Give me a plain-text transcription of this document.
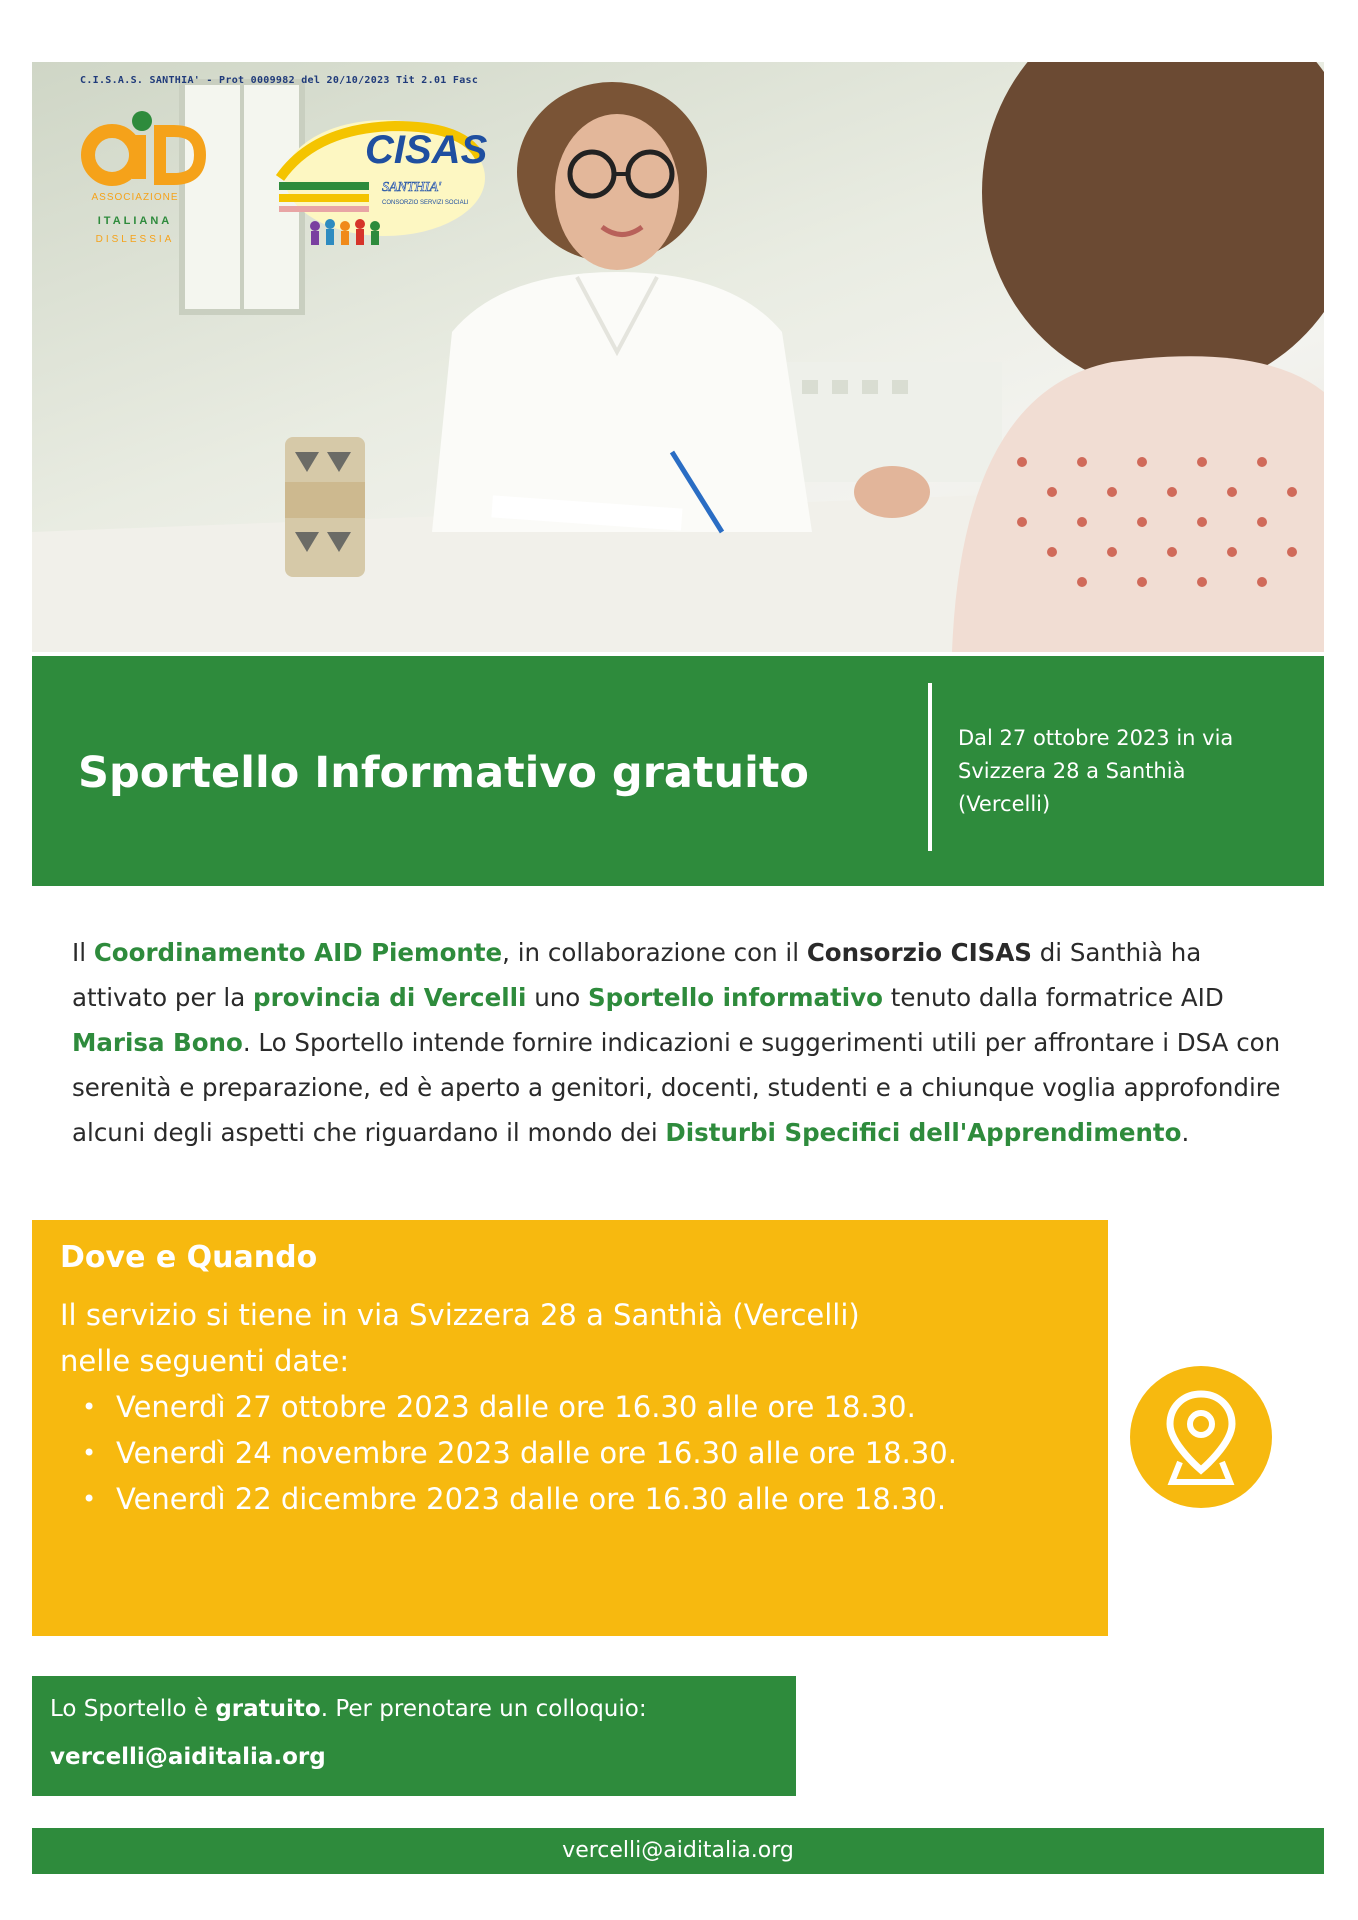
C.I.S.A.S. SANTHIA' - Prot 0009982 del 20/10/2023 Tit 2.01 Fasc
ASSOCIAZIONE
ITALIANA
DISLESSIA
CISAS
SANTHIA'
CONSORZIO SERVIZI SOCIALI
Sportello Informativo gratuito
Dal 27 ottobre 2023 in via
Svizzera 28 a Santhià
(Vercelli)
Il Coordinamento AID Piemonte, in collaborazione con il Consorzio CISAS di Santhià ha attivato per la provincia di Vercelli uno Sportello informativo tenuto dalla formatrice AID Marisa Bono. Lo Sportello intende fornire indicazioni e suggerimenti utili per affrontare i DSA con serenità e preparazione, ed è aperto a genitori, docenti, studenti e a chiunque voglia approfondire alcuni degli aspetti che riguardano il mondo dei Disturbi Specifici dell'Apprendimento.
Dove e Quando
Il servizio si tiene in via Svizzera 28 a Santhià (Vercelli)
nelle seguenti date:
• Venerdì 27 ottobre 2023 dalle ore 16.30 alle ore 18.30.
• Venerdì 24 novembre 2023 dalle ore 16.30 alle ore 18.30.
• Venerdì 22 dicembre 2023 dalle ore 16.30 alle ore 18.30.
Lo Sportello è gratuito. Per prenotare un colloquio:
vercelli@aiditalia.org
vercelli@aiditalia.org
